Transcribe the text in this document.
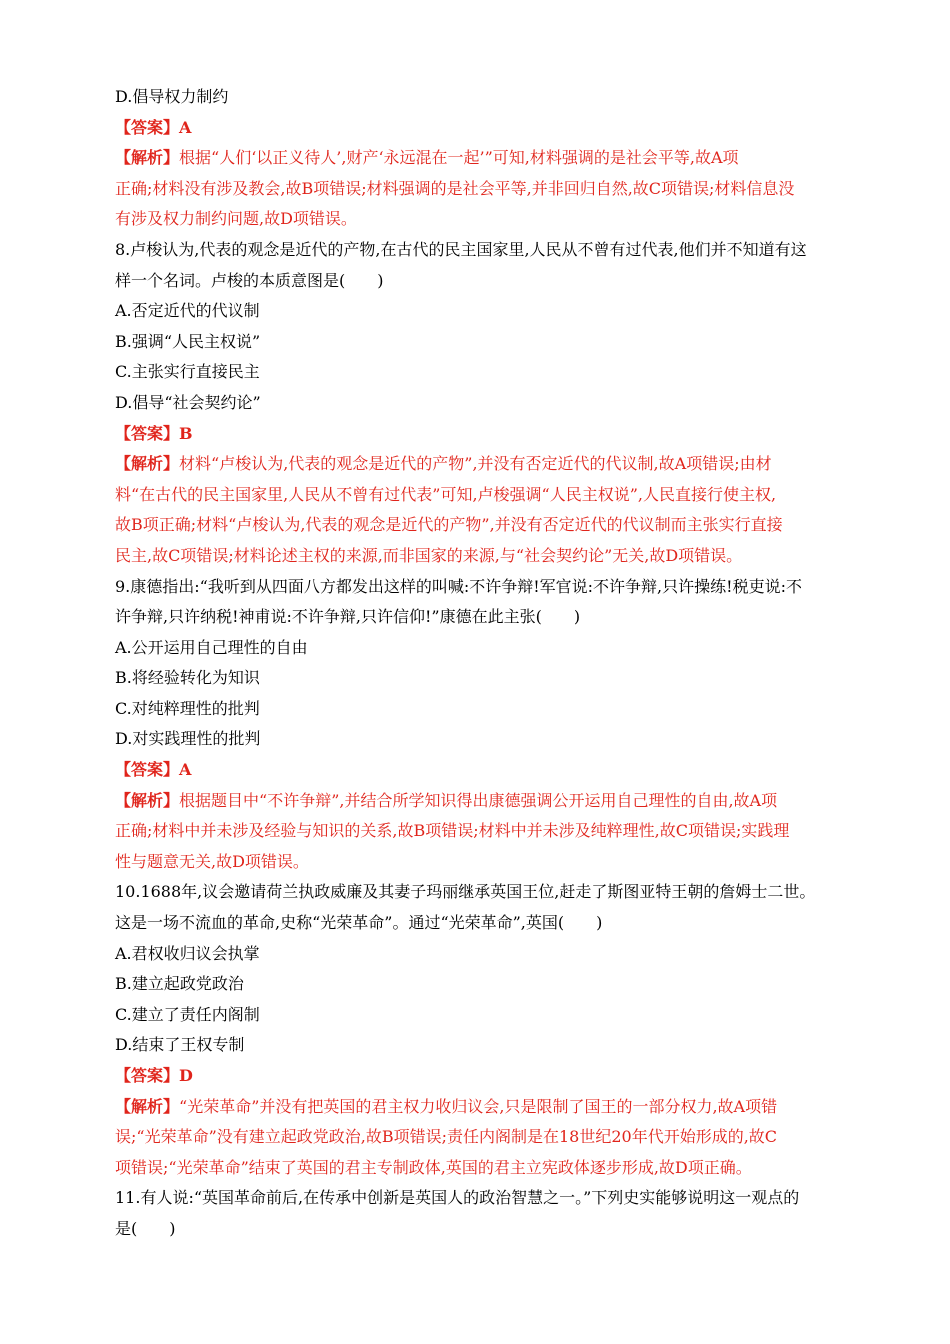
D.倡导权力制约
【答案】A
【解析】根据“人们‘以正义待人’,财产‘永远混在一起’”可知,材料强调的是社会平等,故A项
正确;材料没有涉及教会,故B项错误;材料强调的是社会平等,并非回归自然,故C项错误;材料信息没
有涉及权力制约问题,故D项错误。
8.卢梭认为,代表的观念是近代的产物,在古代的民主国家里,人民从不曾有过代表,他们并不知道有这
样一个名词。卢梭的本质意图是(　　)
A.否定近代的代议制
B.强调“人民主权说”
C.主张实行直接民主
D.倡导“社会契约论”
【答案】B
【解析】材料“卢梭认为,代表的观念是近代的产物”,并没有否定近代的代议制,故A项错误;由材
料“在古代的民主国家里,人民从不曾有过代表”可知,卢梭强调“人民主权说”,人民直接行使主权,
故B项正确;材料“卢梭认为,代表的观念是近代的产物”,并没有否定近代的代议制而主张实行直接
民主,故C项错误;材料论述主权的来源,而非国家的来源,与“社会契约论”无关,故D项错误。
9.康德指出:“我听到从四面八方都发出这样的叫喊:不许争辩!军官说:不许争辩,只许操练!税吏说:不
许争辩,只许纳税!神甫说:不许争辩,只许信仰!”康德在此主张(　　)
A.公开运用自己理性的自由
B.将经验转化为知识
C.对纯粹理性的批判
D.对实践理性的批判
【答案】A
【解析】根据题目中“不许争辩”,并结合所学知识得出康德强调公开运用自己理性的自由,故A项
正确;材料中并未涉及经验与知识的关系,故B项错误;材料中并未涉及纯粹理性,故C项错误;实践理
性与题意无关,故D项错误。
10.1688年,议会邀请荷兰执政威廉及其妻子玛丽继承英国王位,赶走了斯图亚特王朝的詹姆士二世。
这是一场不流血的革命,史称“光荣革命”。通过“光荣革命”,英国(　　)
A.君权收归议会执掌
B.建立起政党政治
C.建立了责任内阁制
D.结束了王权专制
【答案】D
【解析】“光荣革命”并没有把英国的君主权力收归议会,只是限制了国王的一部分权力,故A项错
误;“光荣革命”没有建立起政党政治,故B项错误;责任内阁制是在18世纪20年代开始形成的,故C
项错误;“光荣革命”结束了英国的君主专制政体,英国的君主立宪政体逐步形成,故D项正确。
11.有人说:“英国革命前后,在传承中创新是英国人的政治智慧之一。”下列史实能够说明这一观点的
是(　　)
